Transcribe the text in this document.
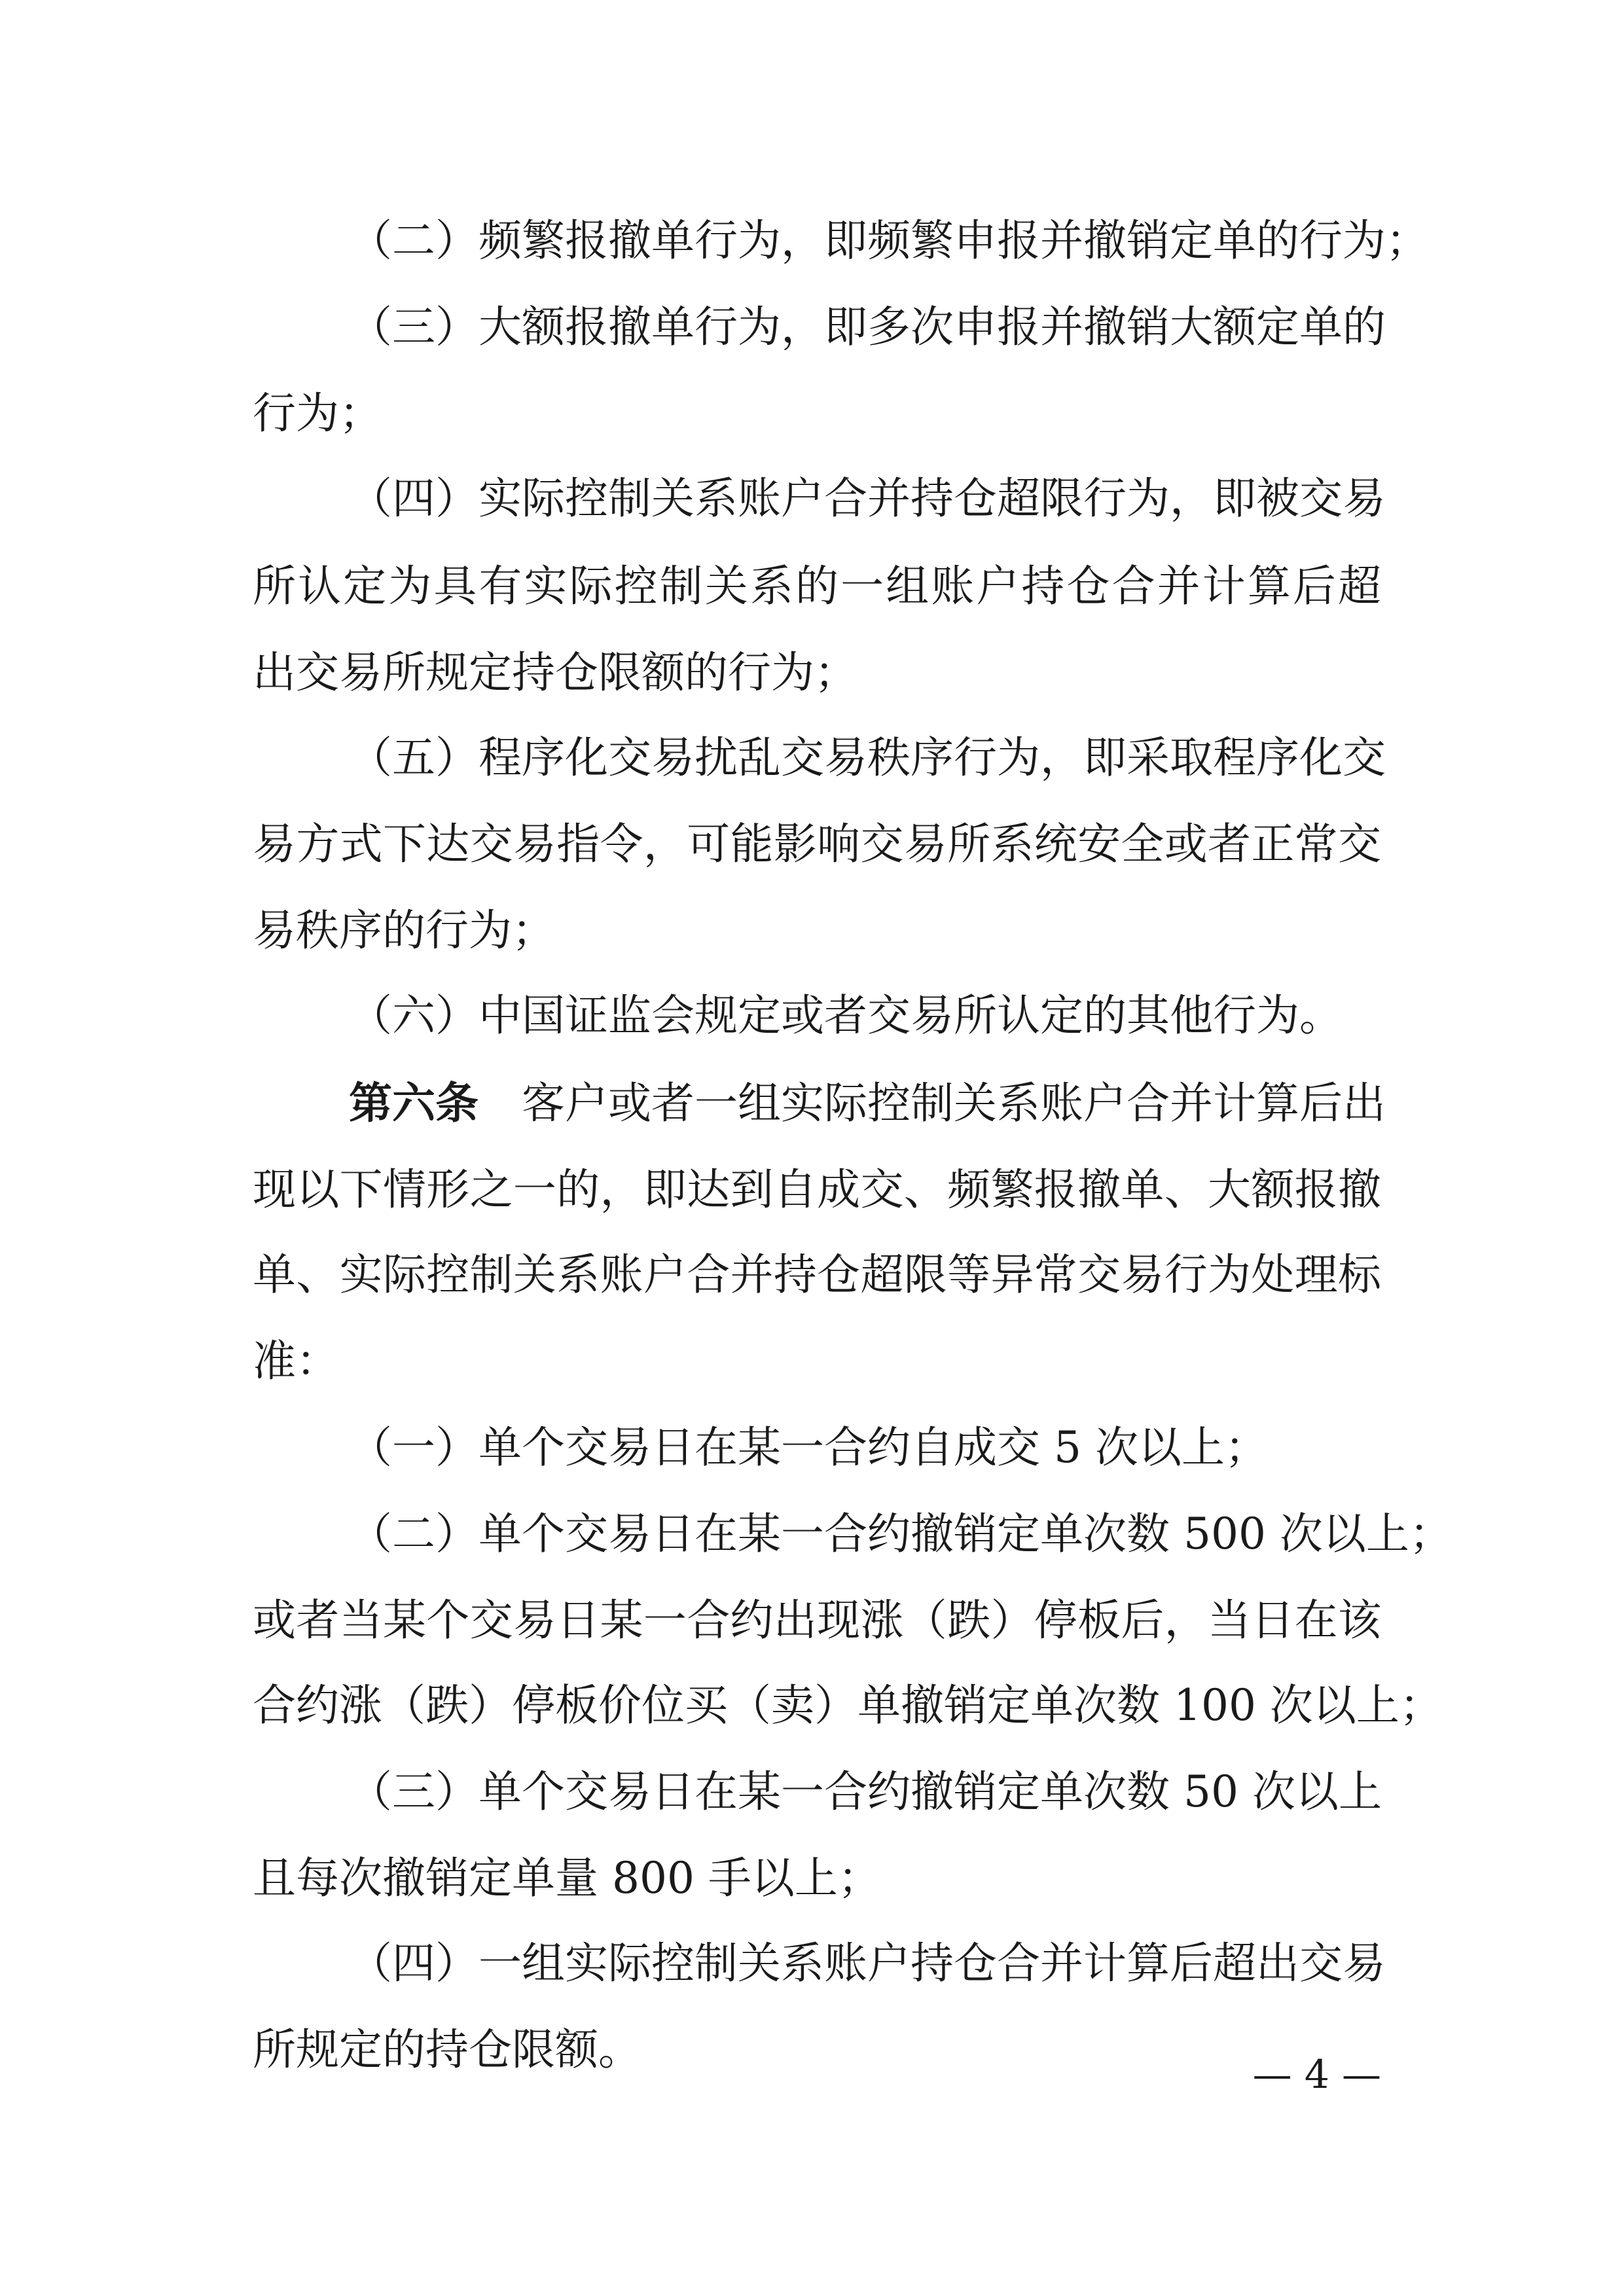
（二）频繁报撤单行为，即频繁申报并撤销定单的行为；
（三）大额报撤单行为，即多次申报并撤销大额定单的
行为；
（四）实际控制关系账户合并持仓超限行为，即被交易
所认定为具有实际控制关系的一组账户持仓合并计算后超
出交易所规定持仓限额的行为；
（五）程序化交易扰乱交易秩序行为，即采取程序化交
易方式下达交易指令，可能影响交易所系统安全或者正常交
易秩序的行为；
（六）中国证监会规定或者交易所认定的其他行为。
第六条　 客户或者一组实际控制关系账户合并计算后出
现以下情形之一的，即达到自成交、频繁报撤单、大额报撤
单、实际控制关系账户合并持仓超限等异常交易行为处理标
准：
（一）单个交易日在某一合约自成交 5 次以上；
（二）单个交易日在某一合约撤销定单次数 500 次以上；
或者当某个交易日某一合约出现涨（跌）停板后，当日在该
合约涨（跌）停板价位买（卖）单撤销定单次数 100 次以上；
（三）单个交易日在某一合约撤销定单次数 50 次以上
且每次撤销定单量 800 手以上；
（四）一组实际控制关系账户持仓合并计算后超出交易
所规定的持仓限额。	— 4 —
